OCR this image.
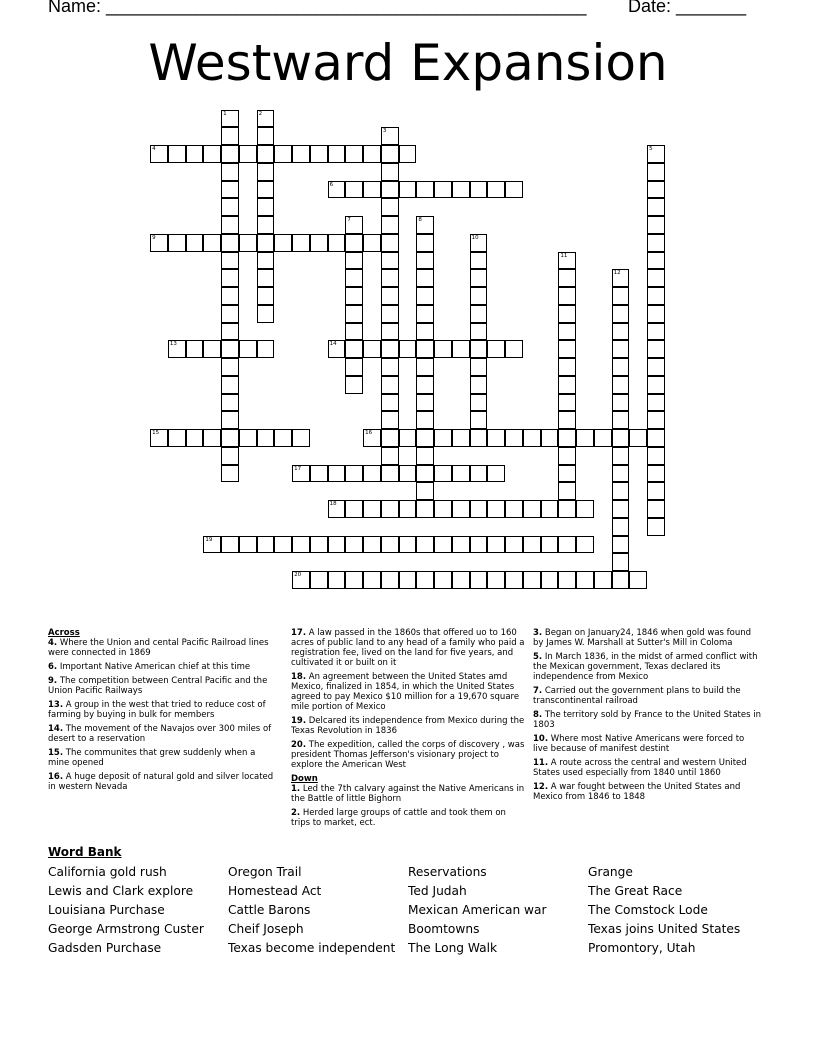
Name: ________________________________________________ Date: _______
Westward Expansion
1	2
3
4	5
6
7	8
9	10
11
12
13	14
15	16
17
18
19
20
Across
4. Where the Union and cental Pacific Railroad lines were connected in 1869
6. Important Native American chief at this time
9. The competition between Central Pacific and the Union Pacific Railways
13. A group in the west that tried to reduce cost of farming by buying in bulk for members
14. The movement of the Navajos over 300 miles of desert to a reservation
15. The communites that grew suddenly when a mine opened
16. A huge deposit of natural gold and silver located in western Nevada
17. A law passed in the 1860s that offered uo to 160 acres of public land to any head of a family who paid a registration fee, lived on the land for five years, and cultivated it or built on it
18. An agreement between the United States amd Mexico, finalized in 1854, in which the United States agreed to pay Mexico $10 million for a 19,670 square mile portion of Mexico
19. Delcared its independence from Mexico during the Texas Revolution in 1836
20. The expedition, called the corps of discovery , was president Thomas Jefferson's visionary project to explore the American West
Down
1. Led the 7th calvary against the Native Americans in the Battle of little Bighorn
2. Herded large groups of cattle and took them on trips to market, ect.
3. Began on January24, 1846 when gold was found by James W. Marshall at Sutter's Mill in Coloma
5. In March 1836, in the midst of armed conflict with the Mexican government, Texas declared its independence from Mexico
7. Carried out the government plans to build the transcontinental railroad
8. The territory sold by France to the United States in 1803
10. Where most Native Americans were forced to live because of manifest destint
11. A route across the central and western United States used especially from 1840 until 1860
12. A war fought between the United States and Mexico from 1846 to 1848
Word Bank
California gold rush
Lewis and Clark explore
Louisiana Purchase
George Armstrong Custer
Gadsden Purchase
Oregon Trail
Homestead Act
Cattle Barons
Cheif Joseph
Texas become independent
Reservations
Ted Judah
Mexican American war
Boomtowns
The Long Walk
Grange
The Great Race
The Comstock Lode
Texas joins United States
Promontory, Utah
